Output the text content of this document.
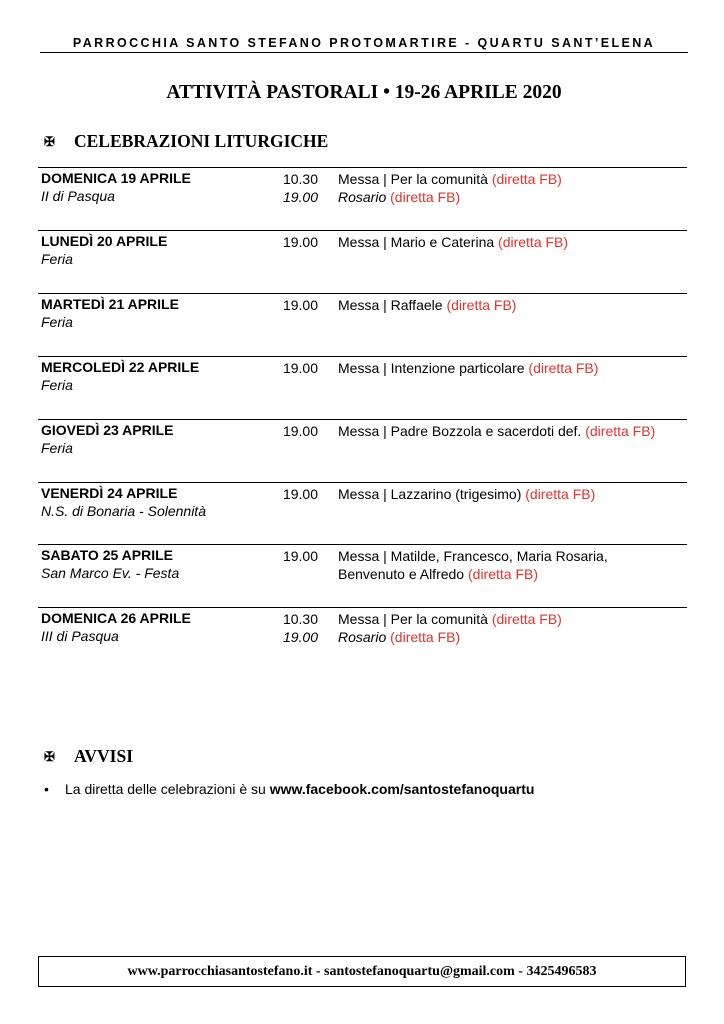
PARROCCHIA SANTO STEFANO PROTOMARTIRE - QUARTU SANT’ELENA
ATTIVITÀ PASTORALI • 19-26 APRILE 2020
✠ CELEBRAZIONI LITURGICHE
DOMENICA 19 APRILE
II di Pasqua
10.30
19.00
Messa | Per la comunità (diretta FB)
Rosario (diretta FB)
LUNEDÌ 20 APRILE
Feria
19.00 Messa | Mario e Caterina (diretta FB)
MARTEDÌ 21 APRILE
Feria
19.00 Messa | Raffaele (diretta FB)
MERCOLEDÌ 22 APRILE
Feria
19.00 Messa | Intenzione particolare (diretta FB)
GIOVEDÌ 23 APRILE
Feria
19.00 Messa | Padre Bozzola e sacerdoti def. (diretta FB)
VENERDÌ 24 APRILE
N.S. di Bonaria - Solennità
19.00 Messa | Lazzarino (trigesimo) (diretta FB)
SABATO 25 APRILE
San Marco Ev. - Festa
19.00 Messa | Matilde, Francesco, Maria Rosaria,
Benvenuto e Alfredo (diretta FB)
DOMENICA 26 APRILE
III di Pasqua
10.30
19.00
Messa | Per la comunità (diretta FB)
Rosario (diretta FB)
✠ AVVISI
• La diretta delle celebrazioni è su www.facebook.com/santostefanoquartu
www.parrocchiasantostefano.it - santostefanoquartu@gmail.com - 3425496583
